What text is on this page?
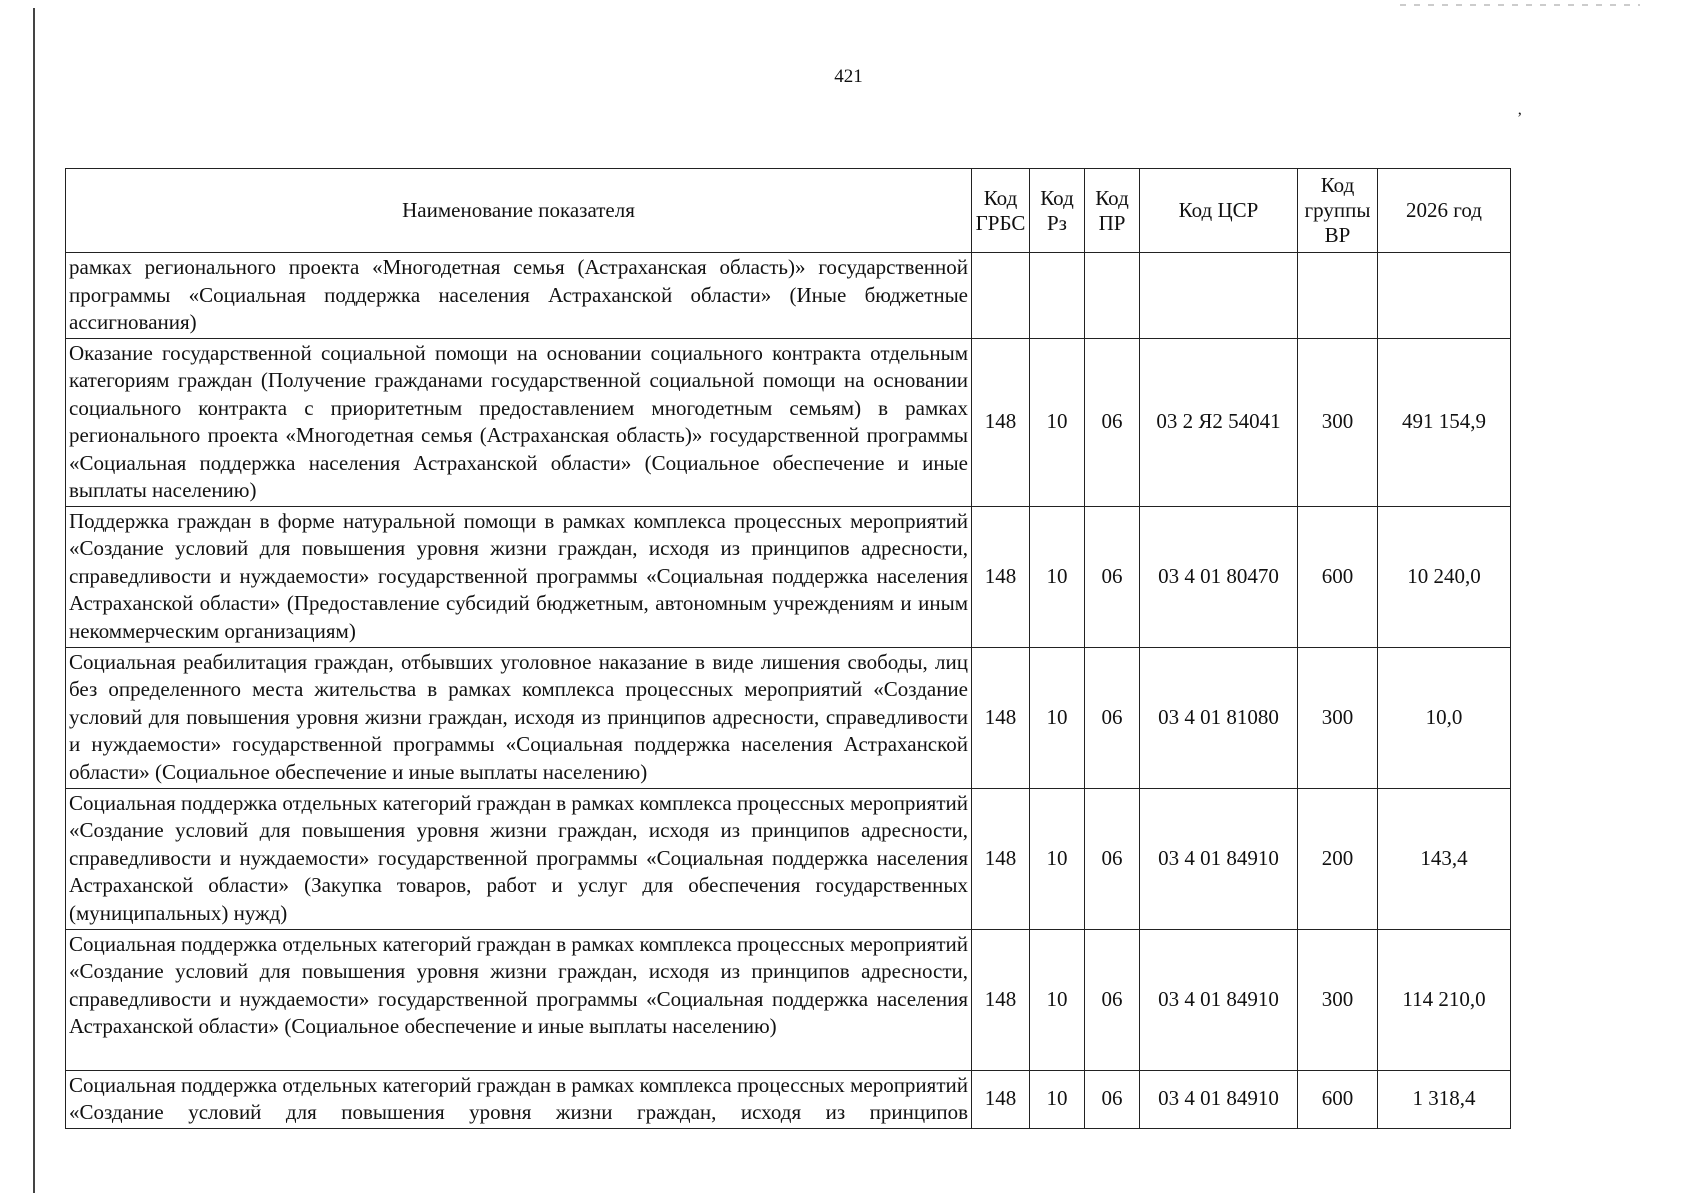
421
’
Наименование показателя	Код ГРБС	Код Рз	Код ПР	Код ЦСР	Код группы ВР	2026 год
рамках регионального проекта «Многодетная семья (Астраханская область)» государственной программы «Социальная поддержка населения Астраханской области» (Иные бюджетные ассигнования)						
Оказание государственной социальной помощи на основании социального контракта отдельным категориям граждан (Получение гражданами государственной социальной помощи на основании социального контракта с приоритетным предоставлением многодетным семьям) в рамках регионального проекта «Многодетная семья (Астраханская область)» государственной программы «Социальная поддержка населения Астраханской области» (Социальное обеспечение и иные выплаты населению)	148	10	06	03 2 Я2 54041	300	491 154,9
Поддержка граждан в форме натуральной помощи в рамках комплекса процессных мероприятий «Создание условий для повышения уровня жизни граждан, исходя из принципов адресности, справедливости и нуждаемости» государственной программы «Социальная поддержка населения Астраханской области» (Предоставление субсидий бюджетным, автономным учреждениям и иным некоммерческим организациям)	148	10	06	03 4 01 80470	600	10 240,0
Социальная реабилитация граждан, отбывших уголовное наказание в виде лишения свободы, лиц без определенного места жительства в рамках комплекса процессных мероприятий «Создание условий для повышения уровня жизни граждан, исходя из принципов адресности, справедливости и нуждаемости» государственной программы «Социальная поддержка населения Астраханской области» (Социальное обеспечение и иные выплаты населению)	148	10	06	03 4 01 81080	300	10,0
Социальная поддержка отдельных категорий граждан в рамках комплекса процессных мероприятий «Создание условий для повышения уровня жизни граждан, исходя из принципов адресности, справедливости и нуждаемости» государственной программы «Социальная поддержка населения Астраханской области» (Закупка товаров, работ и услуг для обеспечения государственных (муниципальных) нужд)	148	10	06	03 4 01 84910	200	143,4
Социальная поддержка отдельных категорий граждан в рамках комплекса процессных мероприятий «Создание условий для повышения уровня жизни граждан, исходя из принципов адресности, справедливости и нуждаемости» государственной программы «Социальная поддержка населения Астраханской области» (Социальное обеспечение и иные выплаты населению)	148	10	06	03 4 01 84910	300	114 210,0
Социальная поддержка отдельных категорий граждан в рамках комплекса процессных мероприятий «Создание условий для повышения уровня жизни граждан, исходя из принципов	148	10	06	03 4 01 84910	600	1 318,4
